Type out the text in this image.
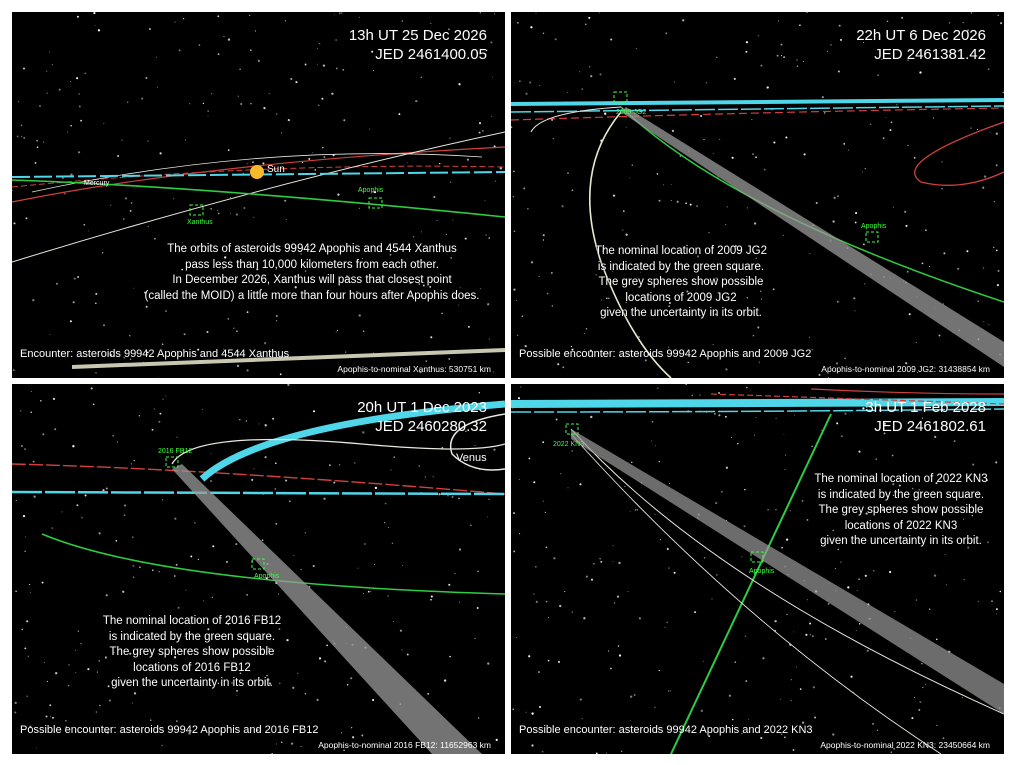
13h UT 25 Dec 2026
JED 2461400.05
Sun
Mercury
Apophis
Xanthus
The orbits of asteroids 99942 Apophis and 4544 Xanthus
pass less than 10,000 kilometers from each other.
In December 2026, Xanthus will pass that closest point
(called the MOID) a little more than four hours after Apophis does.
Encounter: asteroids 99942 Apophis and 4544 Xanthus
Apophis-to-nominal Xanthus: 530751 km
22h UT 6 Dec 2026
JED 2461381.42
2009 JG2
Apophis
The nominal location of 2009 JG2
is indicated by the green square.
The grey spheres show possible
locations of 2009 JG2
given the uncertainty in its orbit.
Possible encounter: asteroids 99942 Apophis and 2009 JG2
Apophis-to-nominal 2009 JG2: 31438854 km
20h UT 1 Dec 2023
JED 2460280.32
Venus
2016 FB12
Apophis
The nominal location of 2016 FB12
is indicated by the green square.
The grey spheres show possible
locations of 2016 FB12
given the uncertainty in its orbit.
Possible encounter: asteroids 99942 Apophis and 2016 FB12
Apophis-to-nominal 2016 FB12: 11652963 km
3h UT 1 Feb 2028
JED 2461802.61
2022 KN3
Apophis
The nominal location of 2022 KN3
is indicated by the green square.
The grey spheres show possible
locations of 2022 KN3
given the uncertainty in its orbit.
Possible encounter: asteroids 99942 Apophis and 2022 KN3
Apophis-to-nominal 2022 KN3: 23450664 km
